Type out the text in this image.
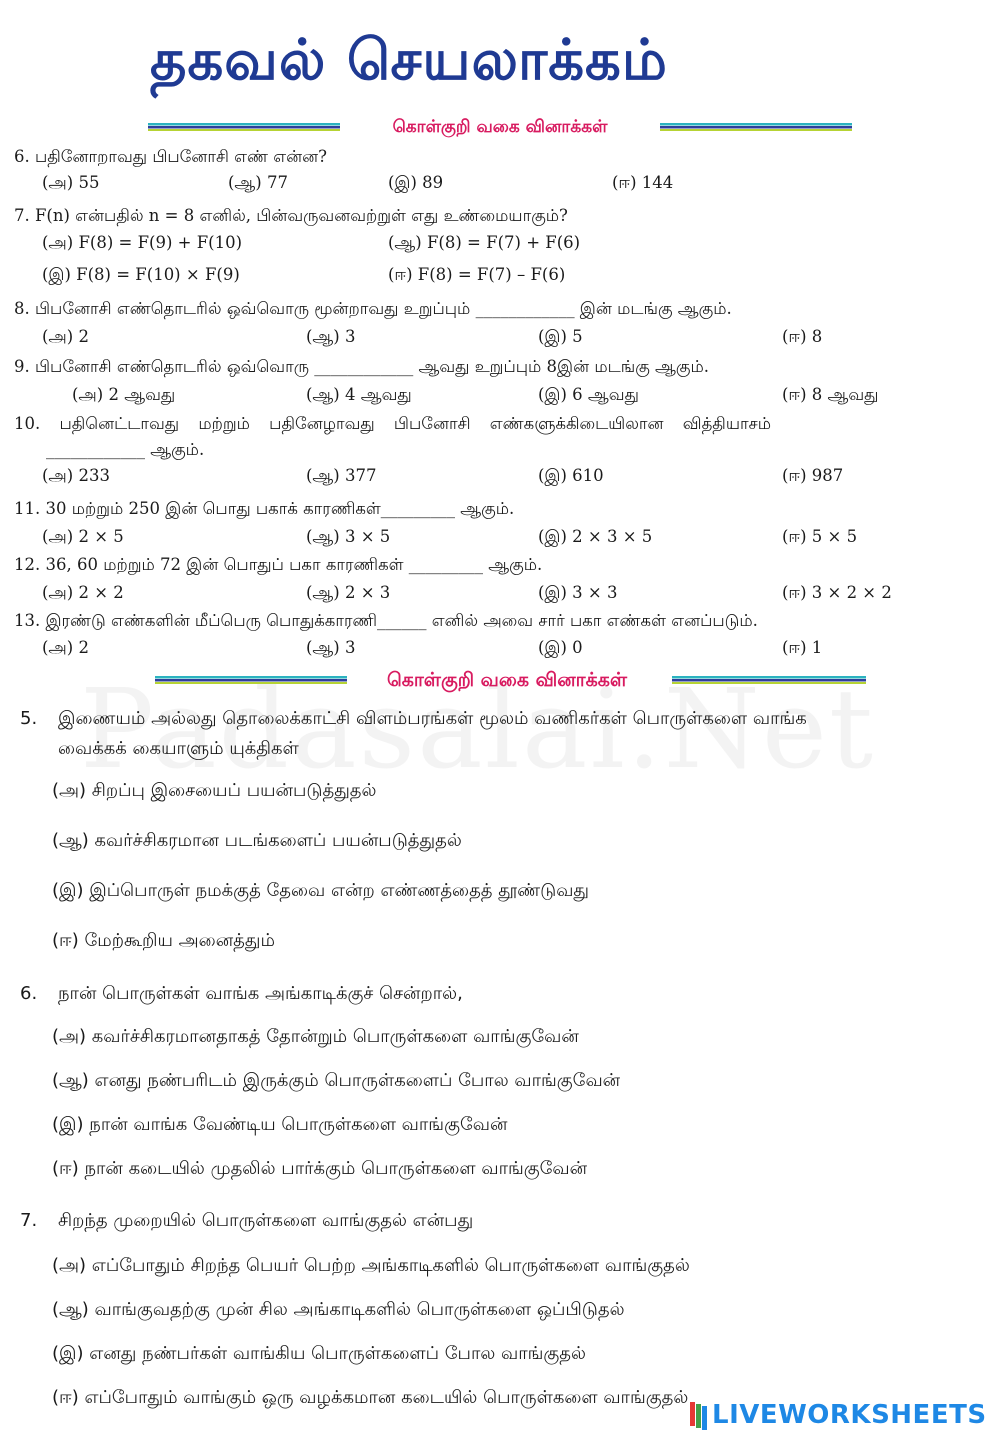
தகவல் செயலாக்கம்
கொள்குறி வகை வினாக்கள்
6. பதினோறாவது பிபனோசி எண் என்ன?
(அ) 55	(ஆ) 77	(இ) 89	(ஈ) 144
7. F(n) என்பதில் n = 8 எனில், பின்வருவனவற்றுள் எது உண்மையாகும்?
(அ) F(8) = F(9) + F(10)	(ஆ) F(8) = F(7) + F(6)
(இ) F(8) = F(10) × F(9)	(ஈ) F(8) = F(7) – F(6)
8. பிபனோசி எண்தொடரில் ஒவ்வொரு மூன்றாவது உறுப்பும் ____________ இன் மடங்கு ஆகும்.
(அ) 2	(ஆ) 3	(இ) 5	(ஈ) 8
9. பிபனோசி எண்தொடரில் ஒவ்வொரு ____________ ஆவது உறுப்பும் 8இன் மடங்கு ஆகும்.
(அ) 2 ஆவது	(ஆ) 4 ஆவது	(இ) 6 ஆவது	(ஈ) 8 ஆவது
10. பதினெட்டாவது மற்றும் பதினேழாவது பிபனோசி எண்களுக்கிடையிலான வித்தியாசம்
____________ ஆகும்.
(அ) 233	(ஆ) 377	(இ) 610	(ஈ) 987
11. 30 மற்றும் 250 இன் பொது பகாக் காரணிகள்_________ ஆகும்.
(அ) 2 × 5	(ஆ) 3 × 5	(இ) 2 × 3 × 5	(ஈ) 5 × 5
12. 36, 60 மற்றும் 72 இன் பொதுப் பகா காரணிகள் _________ ஆகும்.
(அ) 2 × 2	(ஆ) 2 × 3	(இ) 3 × 3	(ஈ) 3 × 2 × 2
13. இரண்டு எண்களின் மீப்பெரு பொதுக்காரணி______ எனில் அவை சார் பகா எண்கள் எனப்படும்.
(அ) 2	(ஆ) 3	(இ) 0	(ஈ) 1
கொள்குறி வகை வினாக்கள்
5. இணையம் அல்லது தொலைக்காட்சி விளம்பரங்கள் மூலம் வணிகர்கள் பொருள்களை வாங்க
வைக்கக் கையாளும் யுக்திகள்
(அ) சிறப்பு இசையைப் பயன்படுத்துதல்
(ஆ) கவர்ச்சிகரமான படங்களைப் பயன்படுத்துதல்
(இ) இப்பொருள் நமக்குத் தேவை என்ற எண்ணத்தைத் தூண்டுவது
(ஈ) மேற்கூறிய அனைத்தும்
6. நான் பொருள்கள் வாங்க அங்காடிக்குச் சென்றால்,
(அ) கவர்ச்சிகரமானதாகத் தோன்றும் பொருள்களை வாங்குவேன்
(ஆ) எனது நண்பரிடம் இருக்கும் பொருள்களைப் போல வாங்குவேன்
(இ) நான் வாங்க வேண்டிய பொருள்களை வாங்குவேன்
(ஈ) நான் கடையில் முதலில் பார்க்கும் பொருள்களை வாங்குவேன்
7. சிறந்த முறையில் பொருள்களை வாங்குதல் என்பது
(அ) எப்போதும் சிறந்த பெயர் பெற்ற அங்காடிகளில் பொருள்களை வாங்குதல்
(ஆ) வாங்குவதற்கு முன் சில அங்காடிகளில் பொருள்களை ஒப்பிடுதல்
(இ) எனது நண்பர்கள் வாங்கிய பொருள்களைப் போல வாங்குதல்
(ஈ) எப்போதும் வாங்கும் ஒரு வழக்கமான கடையில் பொருள்களை வாங்குதல்
LIVEWORKSHEETS
